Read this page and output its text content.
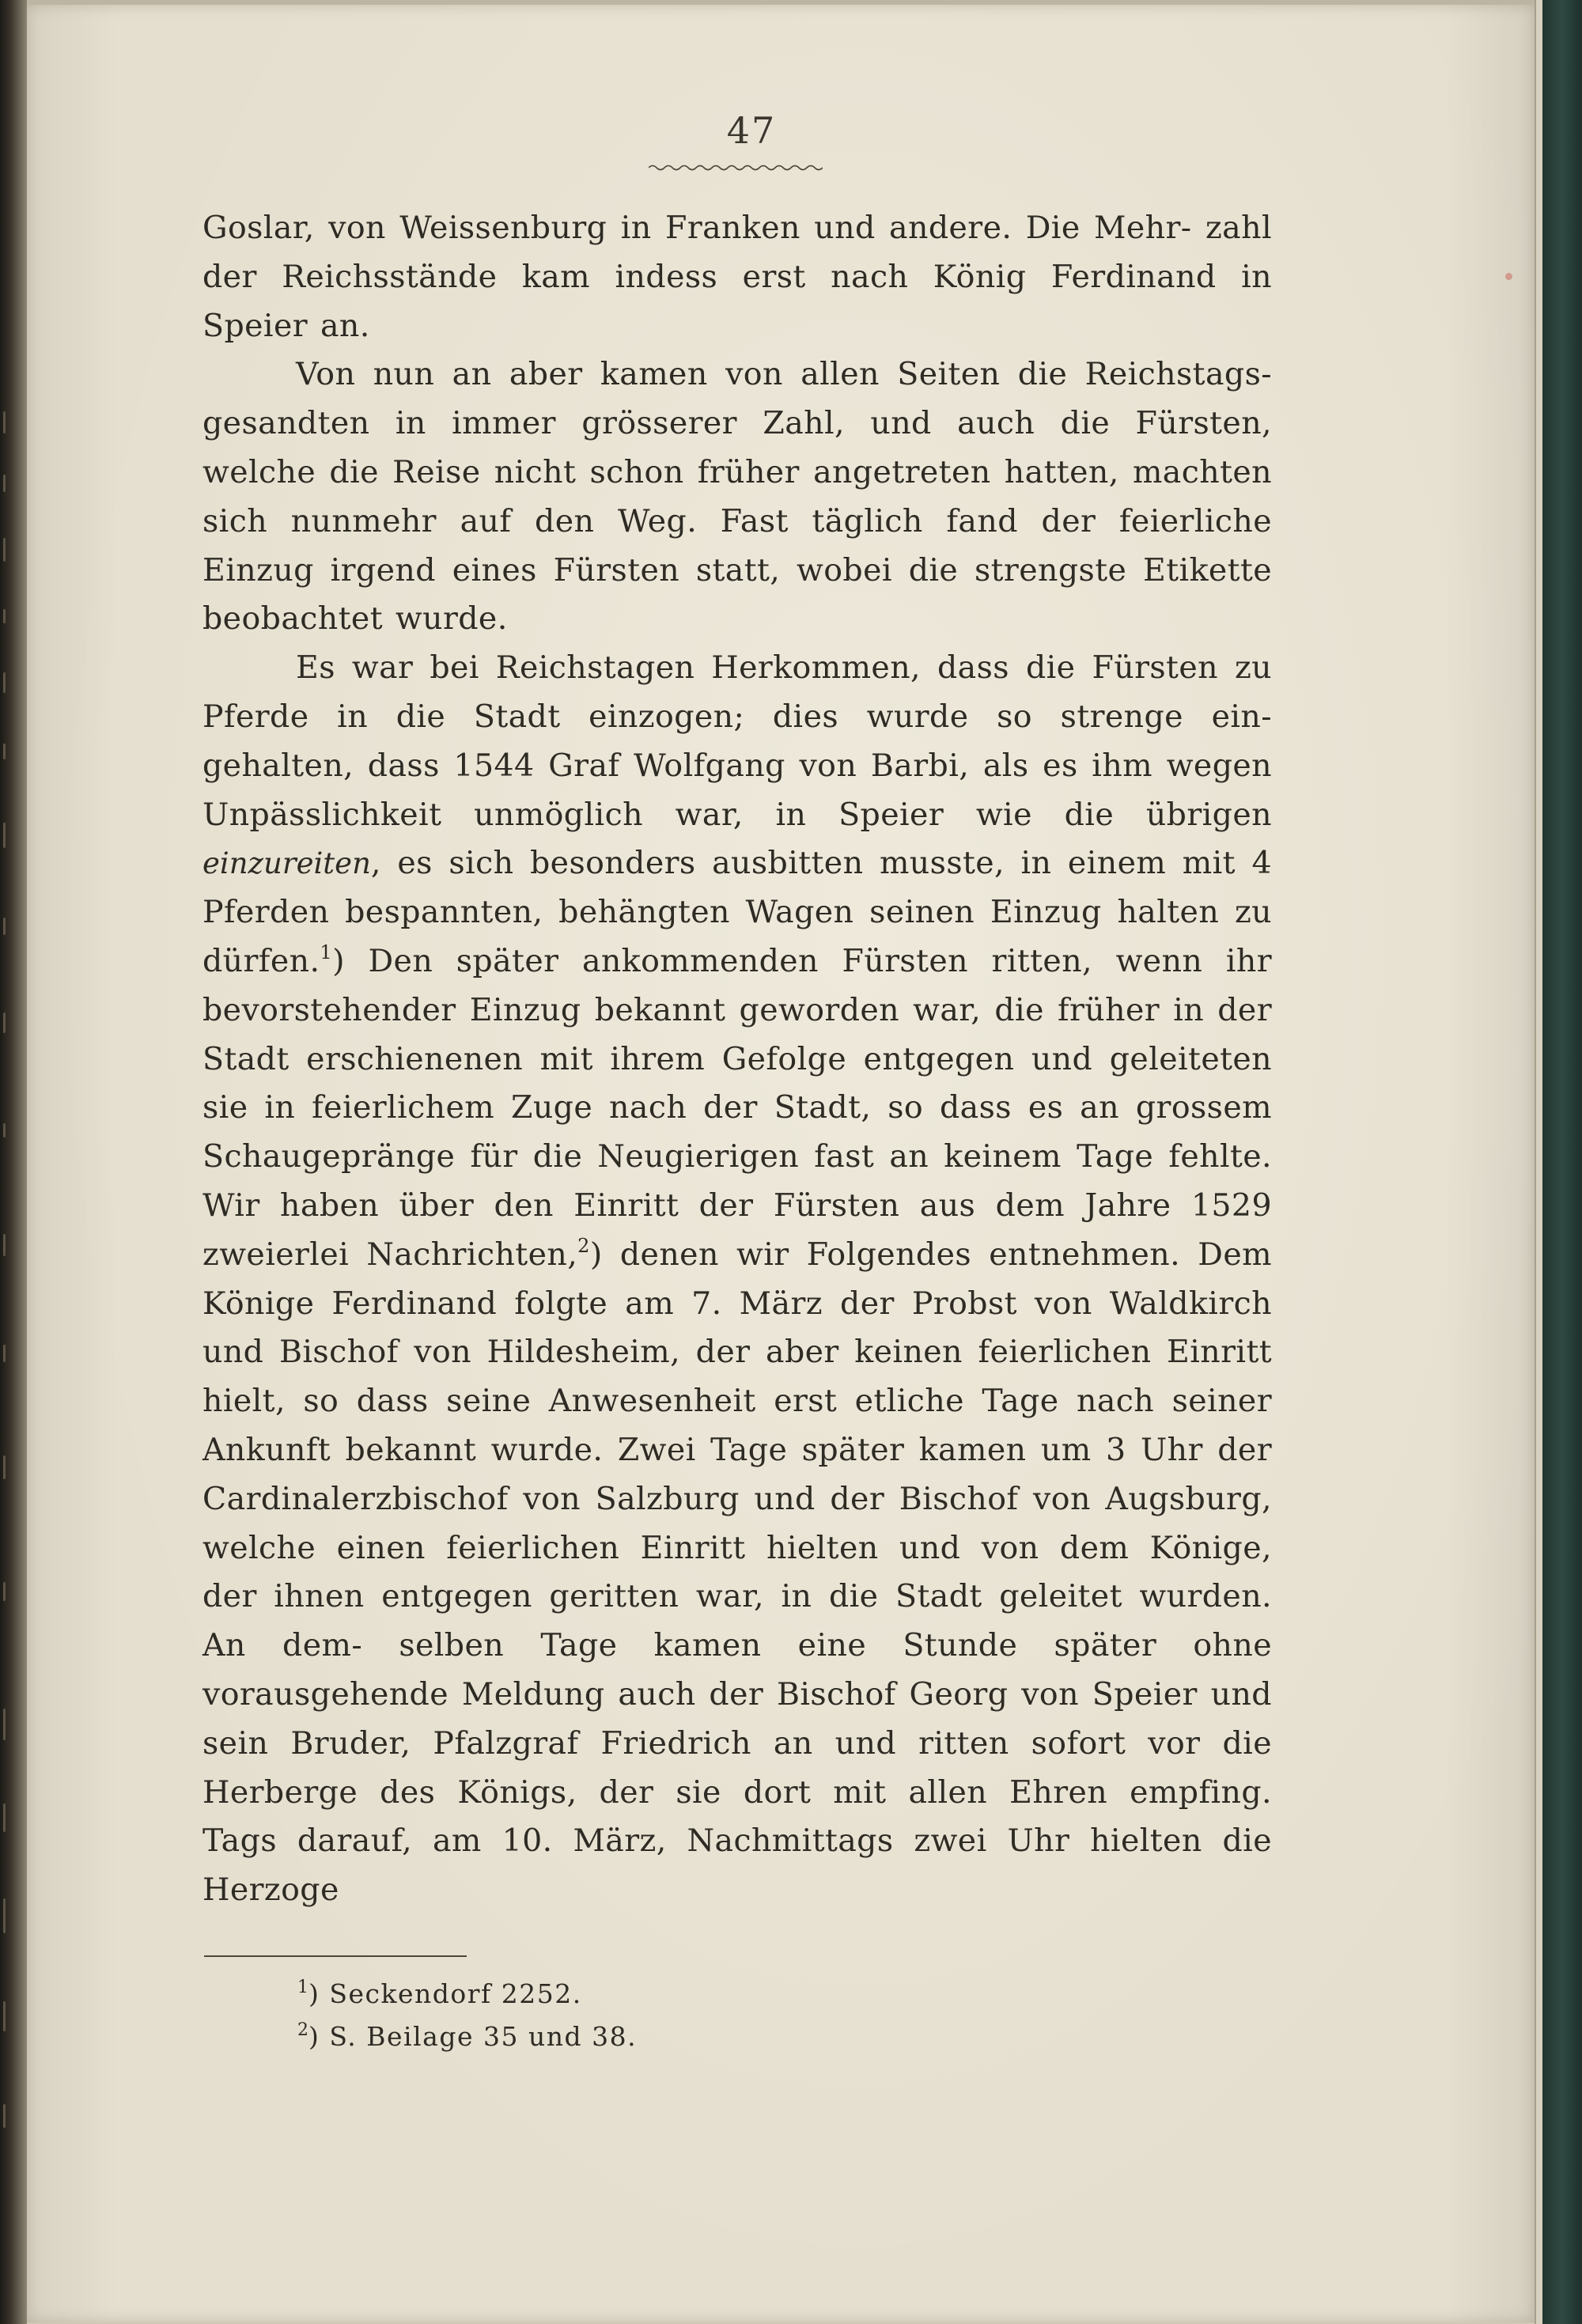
47

Goslar, von Weissenburg in Franken und andere. Die Mehr- zahl der Reichsstände kam indess erst nach König Ferdinand in Speier an.

Von nun an aber kamen von allen Seiten die Reichstags- gesandten in immer grösserer Zahl, und auch die Fürsten, welche die Reise nicht schon früher angetreten hatten, machten sich nunmehr auf den Weg. Fast täglich fand der feierliche Einzug irgend eines Fürsten statt, wobei die strengste Etikette beobachtet wurde.

Es war bei Reichstagen Herkommen, dass die Fürsten zu Pferde in die Stadt einzogen; dies wurde so strenge ein- gehalten, dass 1544 Graf Wolfgang von Barbi, als es ihm wegen Unpässlichkeit unmöglich war, in Speier wie die übrigen einzureiten, es sich besonders ausbitten musste, in einem mit 4 Pferden bespannten, behängten Wagen seinen Einzug halten zu dürfen.$^1$) Den später ankommenden Fürsten ritten, wenn ihr bevorstehender Einzug bekannt geworden war, die früher in der Stadt erschienenen mit ihrem Gefolge entgegen und geleiteten sie in feierlichem Zuge nach der Stadt, so dass es an grossem Schaugepränge für die Neugierigen fast an keinem Tage fehlte. Wir haben über den Einritt der Fürsten aus dem Jahre 1529 zweierlei Nachrichten,$^2$) denen wir Folgendes entnehmen. Dem Könige Ferdinand folgte am 7. März der Probst von Waldkirch und Bischof von Hildesheim, der aber keinen feierlichen Einritt hielt, so dass seine Anwesenheit erst etliche Tage nach seiner Ankunft bekannt wurde. Zwei Tage später kamen um 3 Uhr der Cardinalerzbischof von Salzburg und der Bischof von Augsburg, welche einen feierlichen Einritt hielten und von dem Könige, der ihnen entgegen geritten war, in die Stadt geleitet wurden. An dem- selben Tage kamen eine Stunde später ohne vorausgehende Meldung auch der Bischof Georg von Speier und sein Bruder, Pfalzgraf Friedrich an und ritten sofort vor die Herberge des Königs, der sie dort mit allen Ehren empfing. Tags darauf, am 10. März, Nachmittags zwei Uhr hielten die Herzoge

$^1$) Seckendorf 2252.
$^2$) S. Beilage 35 und 38.
